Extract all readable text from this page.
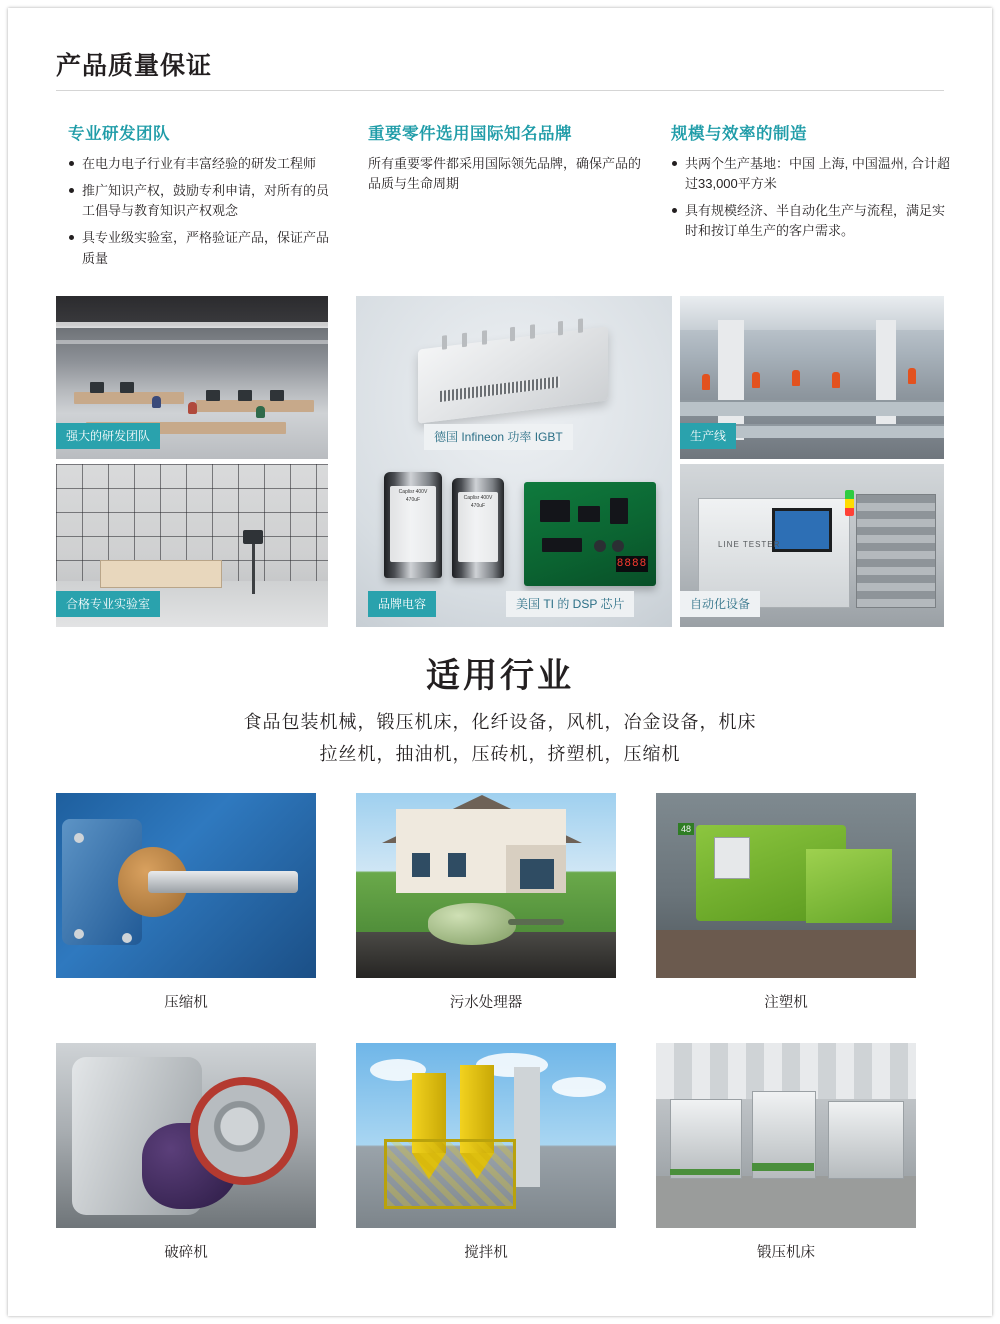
产品质量保证
专业研发团队
在电力电子行业有丰富经验的研发工程师
推广知识产权，鼓励专利申请，对所有的员工倡导与教育知识产权观念
具专业级实验室，严格验证产品，保证产品质量
重要零件选用国际知名品牌

所有重要零件都采用国际领先品牌，确保产品的品质与生命周期

规模与效率的制造
共两个生产基地：中国 上海, 中国温州, 合计超过33,000平方米
具有规模经济、半自动化生产与流程，满足实时和按订单生产的客户需求。
强大的研发团队
合格专业实验室
德国 Infineon 功率 IGBT
Caplisr 400V 470uF	Caplisr 400V 470uF
8888
品牌电容	美国 TI 的 DSP 芯片
生产线
LINE TESTER
自动化设备
适用行业
食品包装机械，锻压机床，化纤设备，风机，冶金设备，机床
拉丝机，抽油机，压砖机，挤塑机，压缩机
压缩机	污水处理器
48
注塑机
破碎机	搅拌机	锻压机床
